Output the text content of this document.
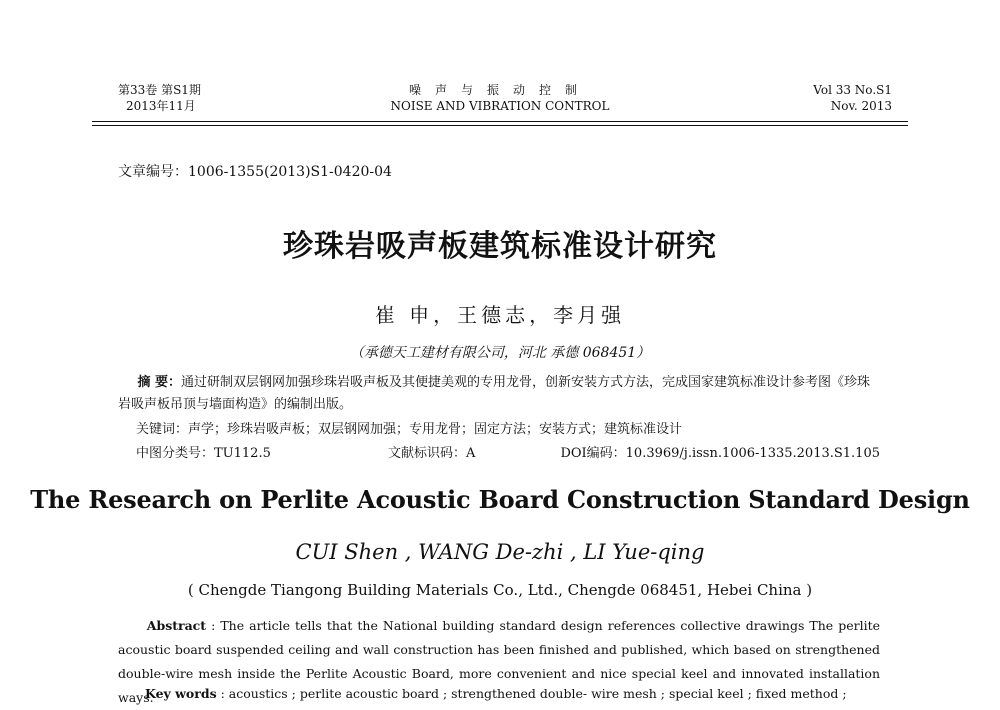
第33卷 第S1期
2013年11月
噪声与振动控制
NOISE AND VIBRATION CONTROL
Vol 33 No.S1
Nov. 2013
文章编号：1006-1355(2013)S1-0420-04
珍珠岩吸声板建筑标准设计研究
崔 申，王德志，李月强
（承德天工建材有限公司，河北 承德 068451）
摘 要：通过研制双层钢网加强珍珠岩吸声板及其便捷美观的专用龙骨，创新安装方式方法，完成国家建筑标准设计参考图《珍珠岩吸声板吊顶与墙面构造》的编制出版。
关键词：声学；珍珠岩吸声板；双层钢网加强；专用龙骨；固定方法；安装方式；建筑标准设计
中图分类号：TU112.5	文献标识码：A	DOI编码：10.3969/j.issn.1006-1335.2013.S1.105
The Research on Perlite Acoustic Board Construction Standard Design
CUI Shen , WANG De-zhi , LI Yue-qing
( Chengde Tiangong Building Materials Co., Ltd., Chengde 068451, Hebei China )
Abstract : The article tells that the National building standard design references collective drawings The perlite acoustic board suspended ceiling and wall construction has been finished and published, which based on strengthened double-wire mesh inside the Perlite Acoustic Board, more convenient and nice special keel and innovated installation ways.
Key words : acoustics ; perlite acoustic board ; strengthened double- wire mesh ; special keel ; fixed method ;
